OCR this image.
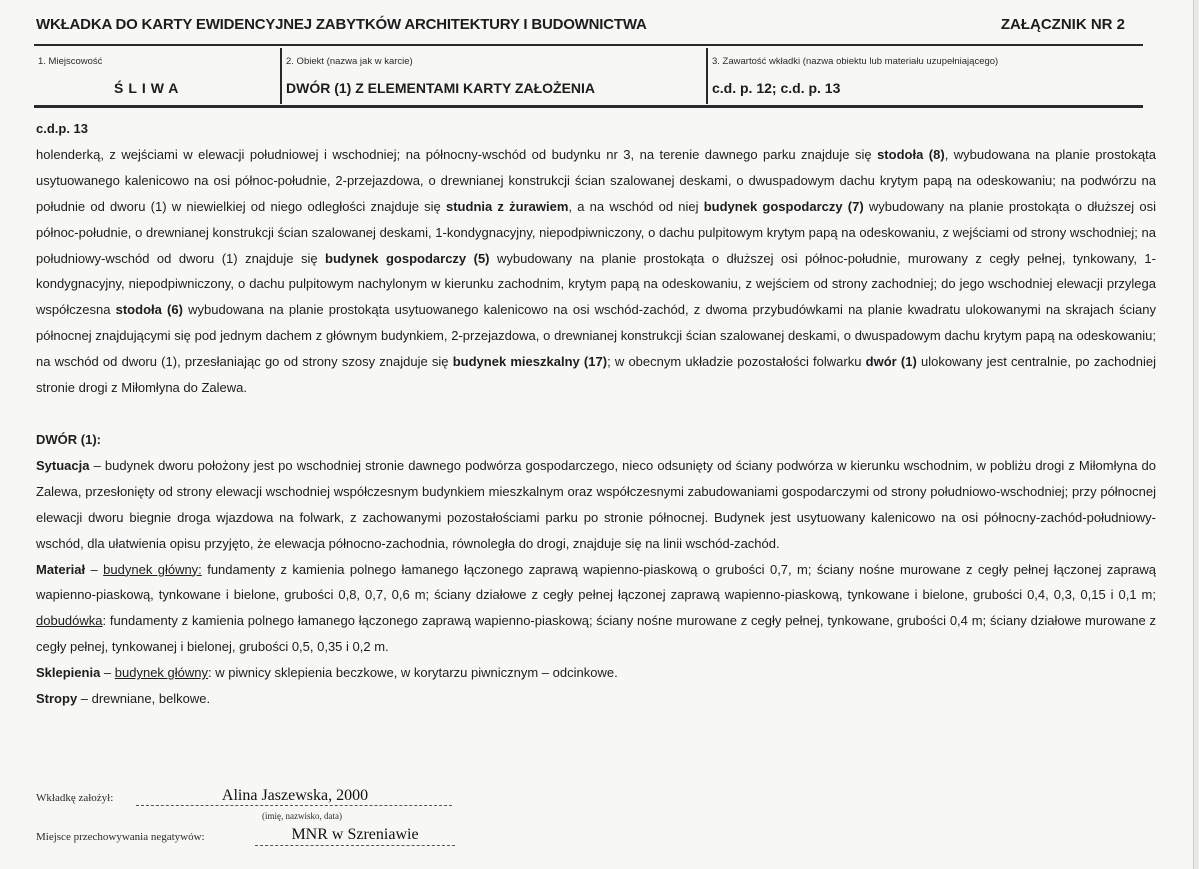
WKŁADKA DO KARTY EWIDENCYJNEJ ZABYTKÓW ARCHITEKTURY I BUDOWNICTWA	ZAŁĄCZNIK NR 2
1. Miejscowość
ŚLIWA
2. Obiekt (nazwa jak w karcie)
DWÓR (1) Z ELEMENTAMI KARTY ZAŁOŻENIA
3. Zawartość wkładki (nazwa obiektu lub materiału uzupełniającego)
c.d. p. 12; c.d. p. 13

c.d.p. 13

holenderką, z wejściami w elewacji południowej i wschodniej; na północny-wschód od budynku nr 3, na terenie dawnego parku znajduje się stodoła (8), wybudowana na planie prostokąta usytuowanego kalenicowo na osi północ-południe, 2-przejazdowa, o drewnianej konstrukcji ścian szalowanej deskami, o dwuspadowym dachu krytym papą na odeskowaniu; na podwórzu na południe od dworu (1) w niewielkiej od niego odległości znajduje się studnia z żurawiem, a na wschód od niej budynek gospodarczy (7) wybudowany na planie prostokąta o dłuższej osi północ-południe, o drewnianej konstrukcji ścian szalowanej deskami, 1-kondygnacyjny, niepodpiwniczony, o dachu pulpitowym krytym papą na odeskowaniu, z wejściami od strony wschodniej; na południowy-wschód od dworu (1) znajduje się budynek gospodarczy (5) wybudowany na planie prostokąta o dłuższej osi północ-południe, murowany z cegły pełnej, tynkowany, 1-kondygnacyjny, niepodpiwniczony, o dachu pulpitowym nachylonym w kierunku zachodnim, krytym papą na odeskowaniu, z wejściem od strony zachodniej; do jego wschodniej elewacji przylega współczesna stodoła (6) wybudowana na planie prostokąta usytuowanego kalenicowo na osi wschód-zachód, z dwoma przybudówkami na planie kwadratu ulokowanymi na skrajach ściany północnej znajdującymi się pod jednym dachem z głównym budynkiem, 2-przejazdowa, o drewnianej konstrukcji ścian szalowanej deskami, o dwuspadowym dachu krytym papą na odeskowaniu; na wschód od dworu (1), przesłaniając go od strony szosy znajduje się budynek mieszkalny (17); w obecnym układzie pozostałości folwarku dwór (1) ulokowany jest centralnie, po zachodniej stronie drogi z Miłomłyna do Zalewa.

DWÓR (1):

Sytuacja – budynek dworu położony jest po wschodniej stronie dawnego podwórza gospodarczego, nieco odsunięty od ściany podwórza w kierunku wschodnim, w pobliżu drogi z Miłomłyna do Zalewa, przesłonięty od strony elewacji wschodniej współczesnym budynkiem mieszkalnym oraz współczesnymi zabudowaniami gospodarczymi od strony południowo-wschodniej; przy północnej elewacji dworu biegnie droga wjazdowa na folwark, z zachowanymi pozostałościami parku po stronie północnej. Budynek jest usytuowany kalenicowo na osi północny-zachód-południowy-wschód, dla ułatwienia opisu przyjęto, że elewacja północno-zachodnia, równoległa do drogi, znajduje się na linii wschód-zachód.

Materiał – budynek główny: fundamenty z kamienia polnego łamanego łączonego zaprawą wapienno-piaskową o grubości 0,7, m; ściany nośne murowane z cegły pełnej łączonej zaprawą wapienno-piaskową, tynkowane i bielone, grubości 0,8, 0,7, 0,6 m; ściany działowe z cegły pełnej łączonej zaprawą wapienno-piaskową, tynkowane i bielone, grubości 0,4, 0,3, 0,15 i 0,1 m; dobudówka: fundamenty z kamienia polnego łamanego łączonego zaprawą wapienno-piaskową; ściany nośne murowane z cegły pełnej, tynkowane, grubości 0,4 m; ściany działowe murowane z cegły pełnej, tynkowanej i bielonej, grubości 0,5, 0,35 i 0,2 m.

Sklepienia – budynek główny: w piwnicy sklepienia beczkowe, w korytarzu piwnicznym – odcinkowe.

Stropy – drewniane, belkowe.

Wkładkę założył:	Alina Jaszewska, 2000
(imię, nazwisko, data)
Miejsce przechowywania negatywów:	MNR w Szreniawie
